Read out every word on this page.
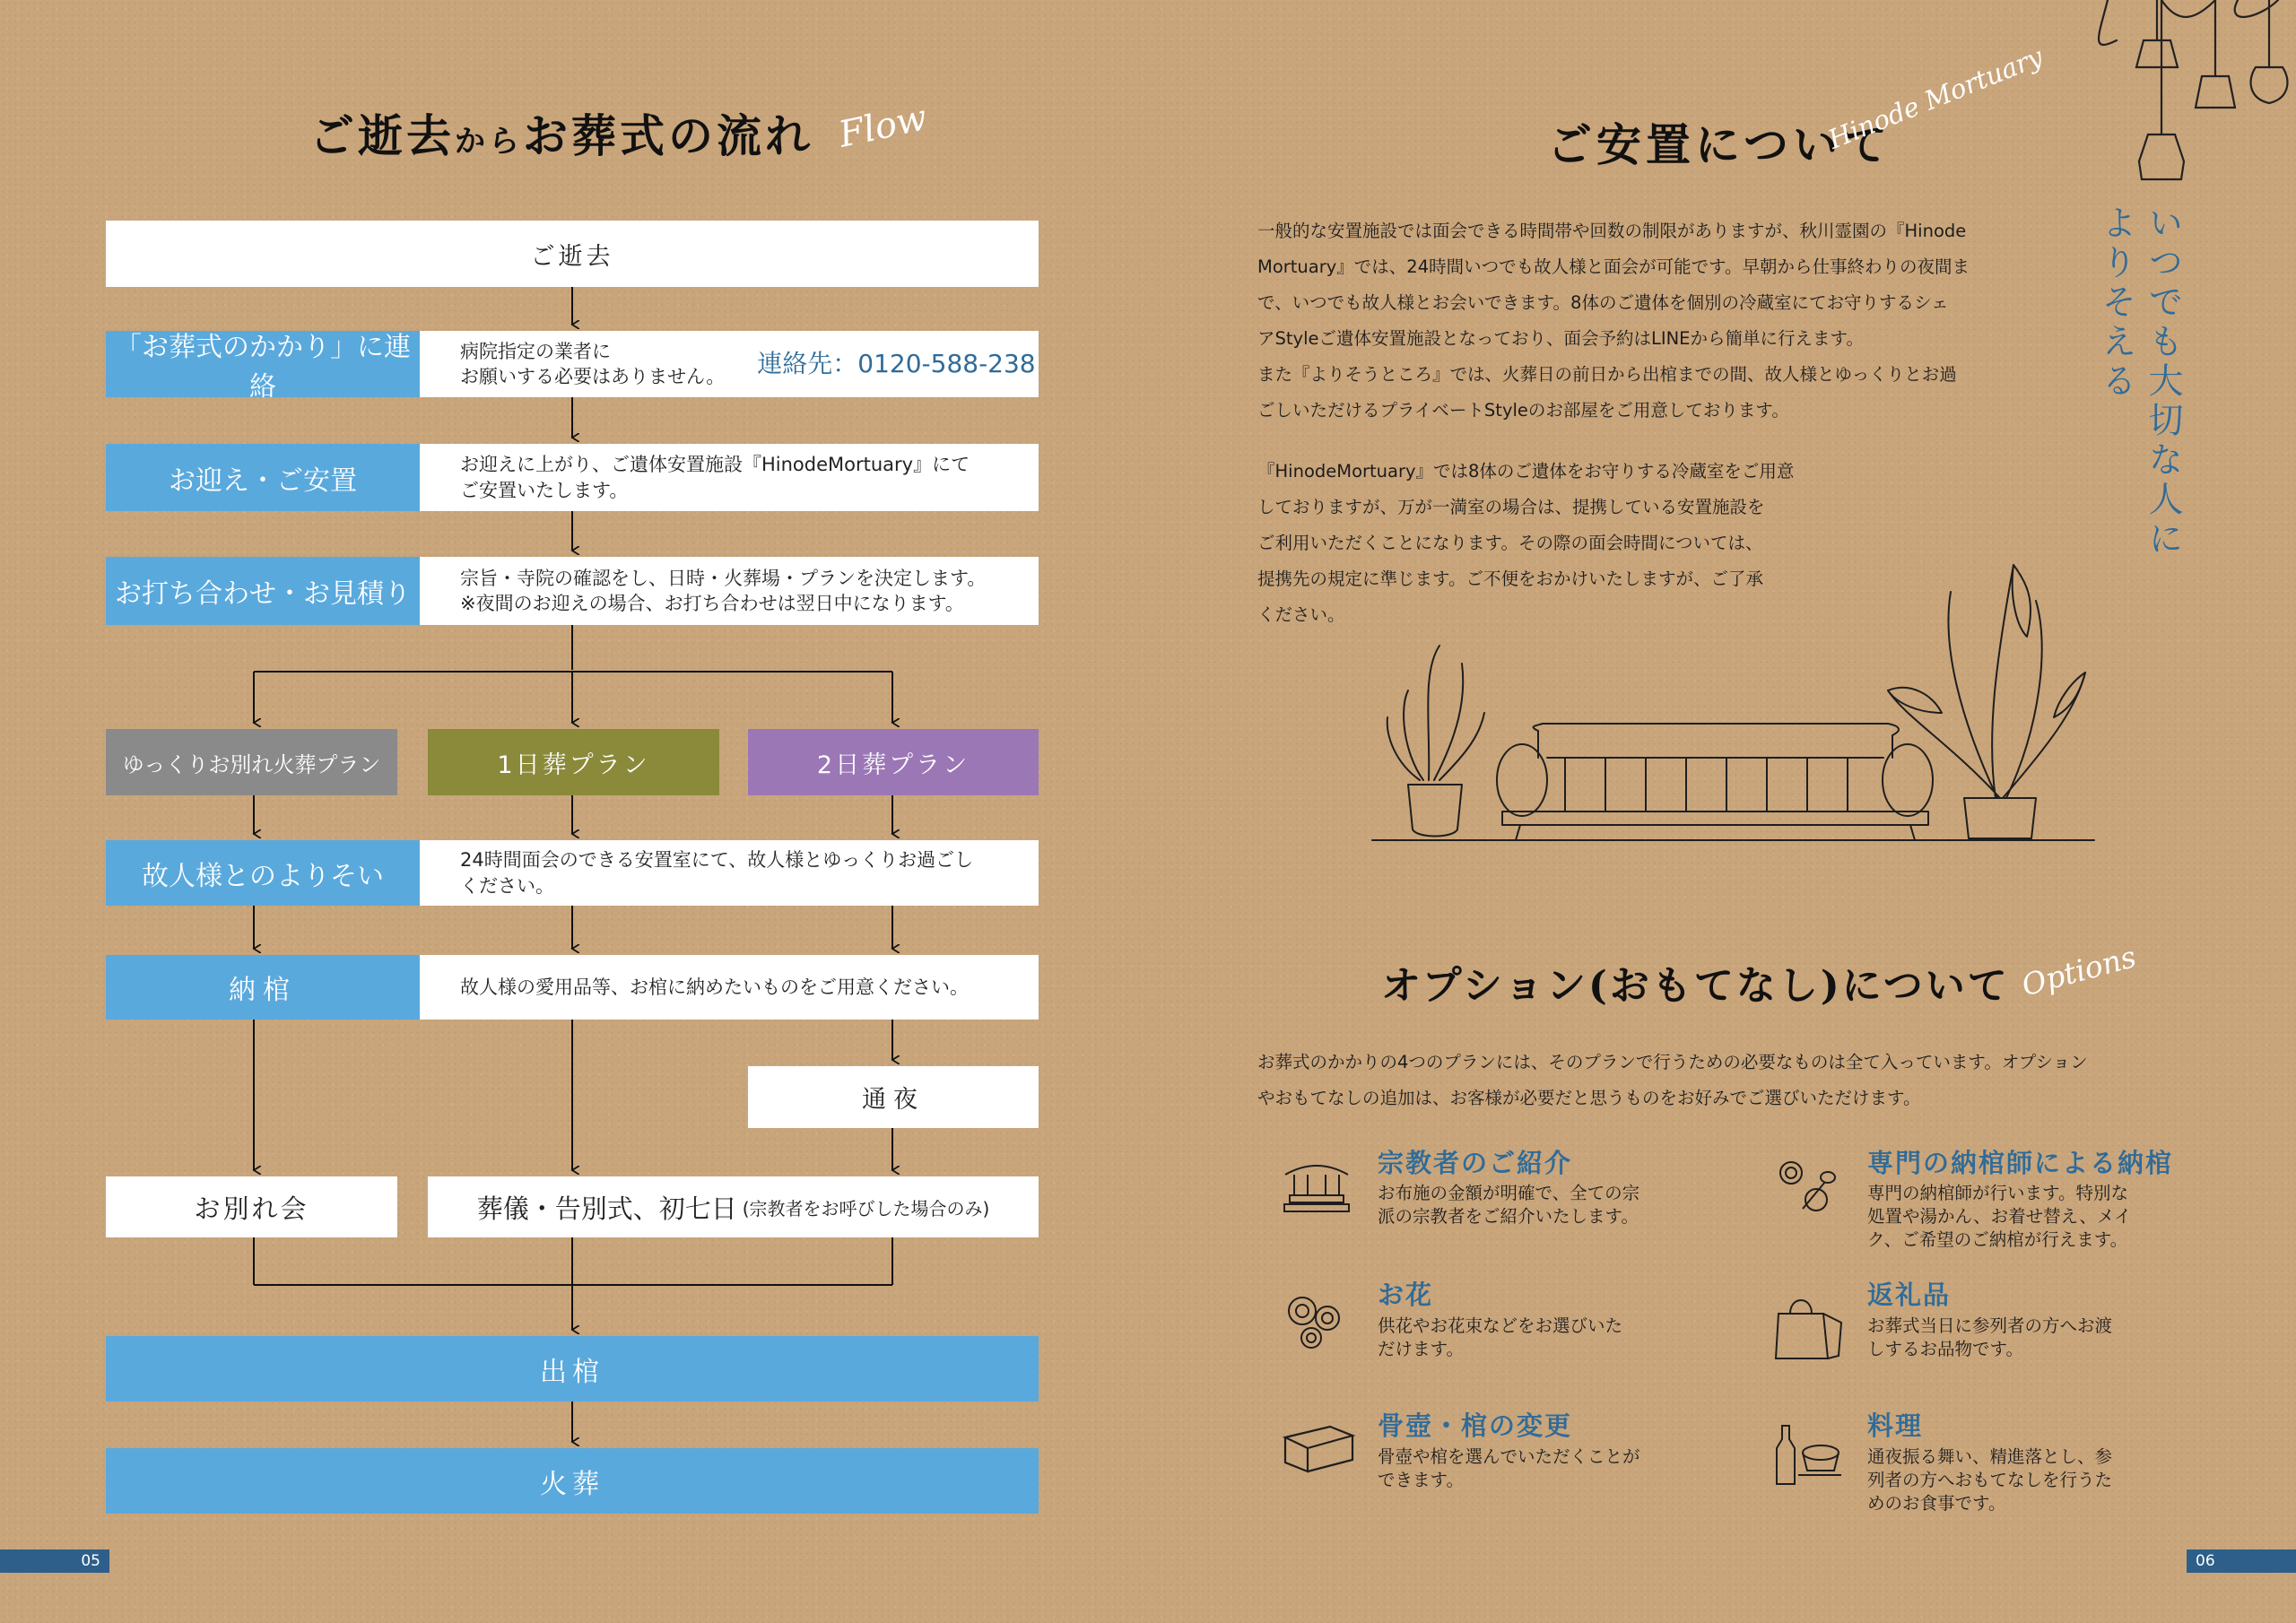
ご逝去からお葬式の流れ Flow
ご逝去
「お葬式のかかり」に連絡
病院指定の業者に
お願いする必要はありません。 連絡先：0120-588-238
お迎え・ご安置
お迎えに上がり、ご遺体安置施設『HinodeMortuary』にて
ご安置いたします。
お打ち合わせ・お見積り
宗旨・寺院の確認をし、日時・火葬場・プランを決定します。
※夜間のお迎えの場合、お打ち合わせは翌日中になります。
ゆっくりお別れ火葬プラン	1日葬プラン	2日葬プラン
故人様とのよりそい
24時間面会のできる安置室にて、故人様とゆっくりお過ごし
ください。
納棺	故人様の愛用品等、お棺に納めたいものをご用意ください。
通夜
お別れ会	葬儀・告別式、初七日 (宗教者をお呼びした場合のみ)
出棺
火葬
05
ご安置について
Hinode Mortuary
一般的な安置施設では面会できる時間帯や回数の制限がありますが、秋川霊園の『Hinode
Mortuary』では、24時間いつでも故人様と面会が可能です。早朝から仕事終わりの夜間ま
で、いつでも故人様とお会いできます。8体のご遺体を個別の冷蔵室にてお守りするシェ
アStyleご遺体安置施設となっており、面会予約はLINEから簡単に行えます。
また『よりそうところ』では、火葬日の前日から出棺までの間、故人様とゆっくりとお過
ごしいただけるプライベートStyleのお部屋をご用意しております。
『HinodeMortuary』では8体のご遺体をお守りする冷蔵室をご用意
しておりますが、万が一満室の場合は、提携している安置施設を
ご利用いただくことになります。その際の面会時間については、
提携先の規定に準じます。ご不便をおかけいたしますが、ご了承
ください。
いつでも大切な人に
よりそえる
オプション(おもてなし)について Options
お葬式のかかりの4つのプランには、そのプランで行うための必要なものは全て入っています。オプション
やおもてなしの追加は、お客様が必要だと思うものをお好みでご選びいただけます。
宗教者のご紹介
お布施の金額が明確で、全ての宗
派の宗教者をご紹介いたします。
専門の納棺師による納棺
専門の納棺師が行います。特別な
処置や湯かん、お着せ替え、メイ
ク、ご希望のご納棺が行えます。
お花
供花やお花束などをお選びいた
だけます。
返礼品
お葬式当日に参列者の方へお渡
しするお品物です。
骨壺・棺の変更
骨壺や棺を選んでいただくことが
できます。
料理
通夜振る舞い、精進落とし、参
列者の方へおもてなしを行うた
めのお食事です。
06
